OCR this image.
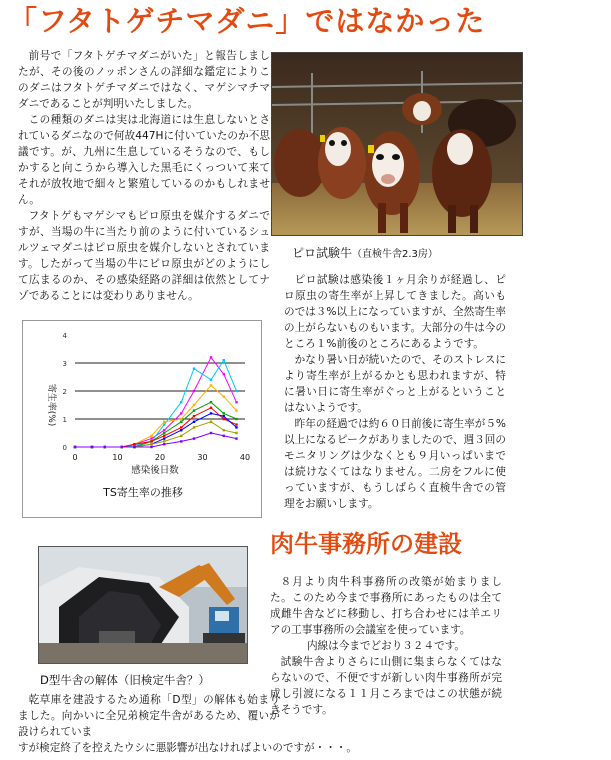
「フタトゲチマダニ」ではなかった

前号で「フタトゲチマダニがいた」と報告しましたが、その後のノッポンさんの詳細な鑑定によりこのダニはフタトゲチマダニではなく、マゲシマチマダニであることが判明いたしました。

この種類のダニは実は北海道には生息しないとされているダニなので何故447Hに付いていたのか不思議です。が、九州に生息しているそうなので、もしかすると向こうから導入した黒毛にくっついて来てそれが放牧地で細々と繁殖しているのかもしれません。

フタトゲもマゲシマもピロ原虫を媒介するダニですが、当場の牛に当たり前のように付いているシュルツェマダニはピロ原虫を媒介しないとされています。したがって当場の牛にピロ原虫がどのようにして広まるのか、その感染経路の詳細は依然としてナゾであることには変わりありません。

ピロ試験牛（直検牛舎2.3房）

ピロ試験は感染後１ヶ月余りが経過し、ピロ原虫の寄生率が上昇してきました。高いものでは３%以上になっていますが、全然寄生率の上がらないものもいます。大部分の牛は今のところ１%前後のところにあるようです。

かなり暑い日が続いたので、そのストレスにより寄生率が上がるかとも思われますが、特に暑い日に寄生率がぐっと上がるということはないようです。

昨年の経過では約６０日前後に寄生率が５%以上になるピークがありましたので、週３回のモニタリングは少なくとも９月いっぱいまでは続けなくてはなりません。二房をフルに使っていますが、もうしばらく直検牛舎での管理をお願いします。

0
1
2
3
4
0	10	20	30	40
寄生率(%)
感染後日数
TS寄生率の推移
肉牛事務所の建設

８月より肉牛科事務所の改築が始まりました。このため今まで事務所にあったものは全て成雌牛舎などに移動し、打ち合わせには羊エリアの工事事務所の会議室を使っています。

内線は今までどおり３２４です。

試験牛舎よりさらに山側に集まらなくてはならないので、不便ですが新しい肉牛事務所が完成し引渡になる１１月ころまではこの状態が続きそうです。

D型牛舎の解体（旧検定牛舎？）

乾草庫を建設するため通称「D型」の解体も始まりました。向かいに全兄弟検定牛舎があるため、覆いが設けられていま

すが検定終了を控えたウシに悪影響が出なければよいのですが・・・。
